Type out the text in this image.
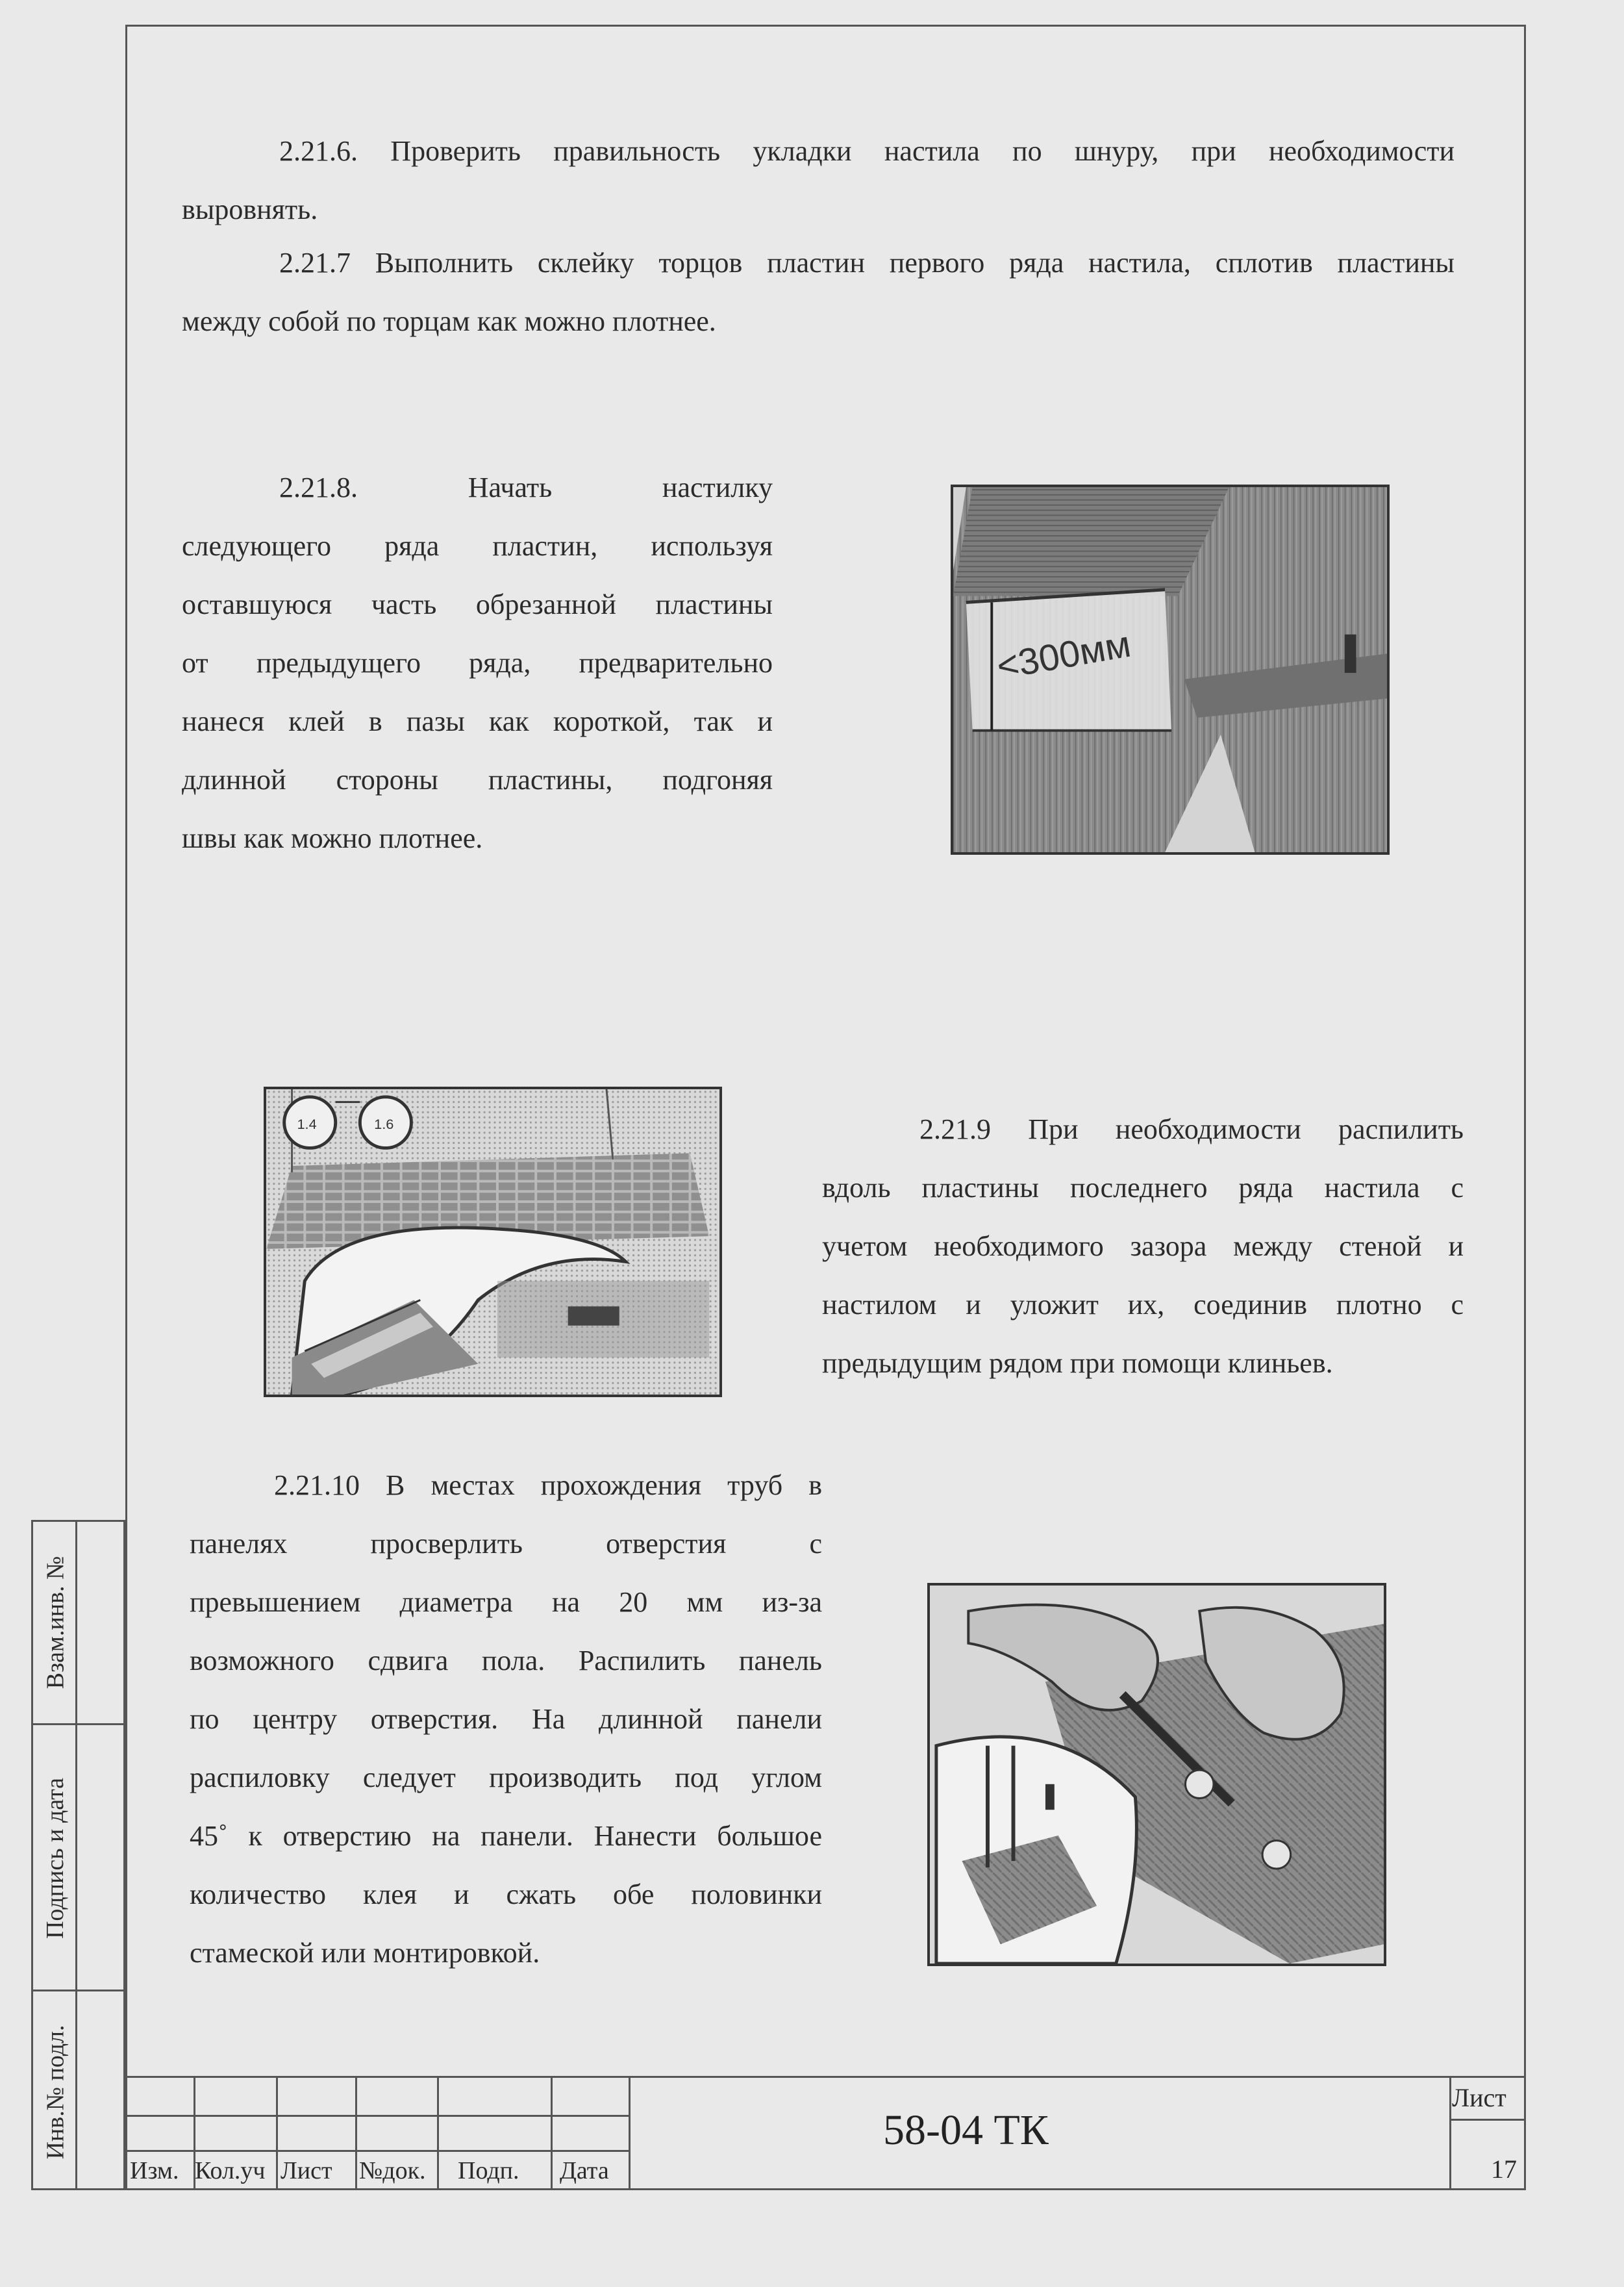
2.21.6. Проверить правильность укладки настила по шнуру, при необходимости
выровнять.
2.21.7 Выполнить склейку торцов пластин первого ряда настила, сплотив пластины
между собой по торцам как можно плотнее.
2.21.8. Начать настилку
следующего ряда пластин, используя
оставшуюся часть обрезанной пластины
от предыдущего ряда, предварительно
нанеся клей в пазы как короткой, так и
длинной стороны пластины, подгоняя
швы как можно плотнее.
<300мм
1.4	1.6	2.21.9 При необходимости распилить
вдоль пластины последнего ряда настила с
учетом необходимого зазора между стеной и
настилом и уложит их, соединив плотно с
предыдущим рядом при помощи клиньев.
2.21.10 В местах прохождения труб в
панелях просверлить отверстия с
превышением диаметра на 20 мм из-за
возможного сдвига пола. Распилить панель
по центру отверстия. На длинной панели
распиловку следует производить под углом
45˚ к отверстию на панели. Нанести большое
количество клея и сжать обе половинки
стамеской или монтировкой.
Взам.инв. №
Подпись и дата
Инв.№ подл.
Изм. Кол.уч Лист №док. Подп. Дата
58-04 ТК
Лист
17
